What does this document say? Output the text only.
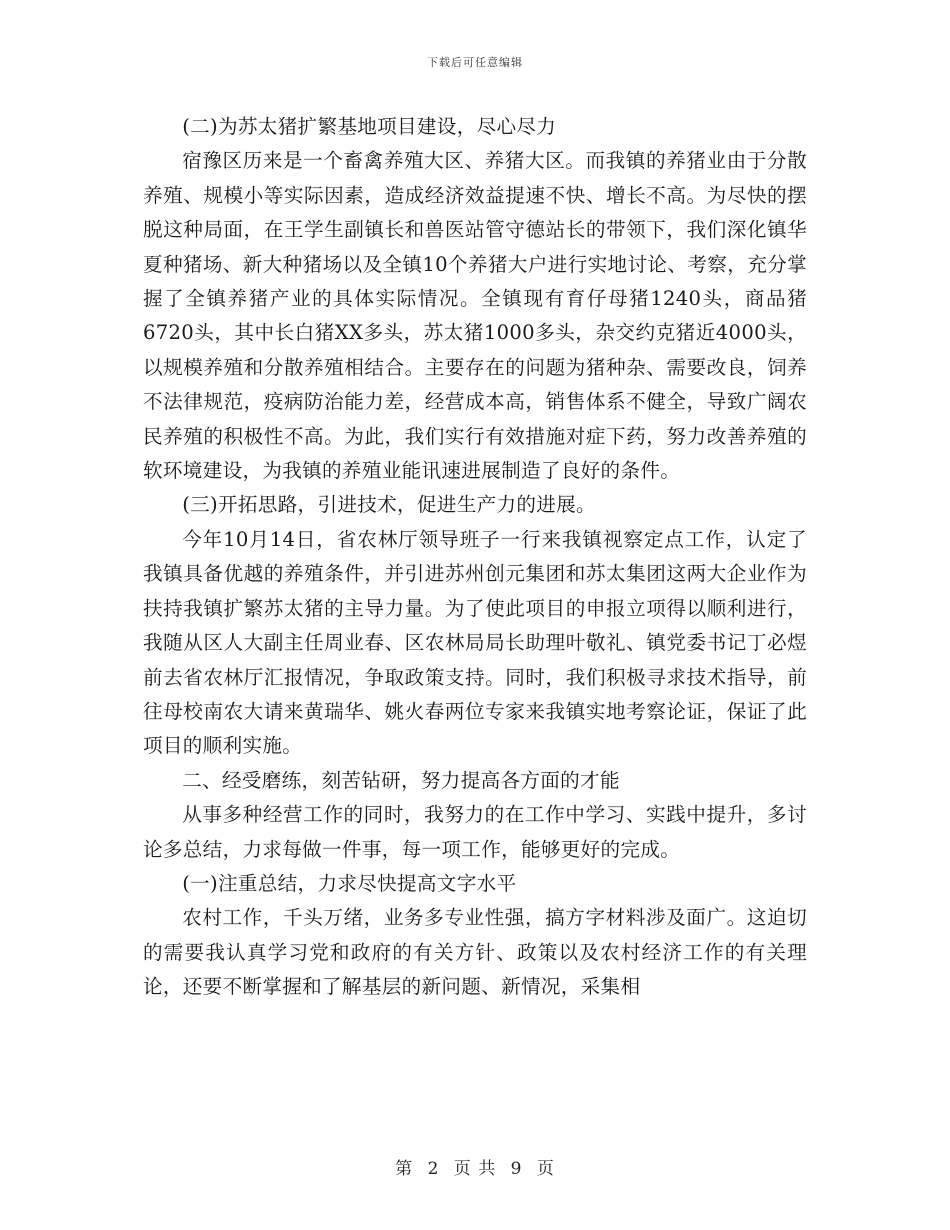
下载后可任意编辑

(二)为苏太猪扩繁基地项目建设，尽心尽力

宿豫区历来是一个畜禽养殖大区、养猪大区。而我镇的养猪业由于分散养殖、规模小等实际因素，造成经济效益提速不快、增长不高。为尽快的摆脱这种局面，在王学生副镇长和兽医站管守德站长的带领下，我们深化镇华夏种猪场、新大种猪场以及全镇10个养猪大户进行实地讨论、考察，充分掌握了全镇养猪产业的具体实际情况。全镇现有育仔母猪1240头，商品猪6720头，其中长白猪XX多头，苏太猪1000多头，杂交约克猪近4000头，以规模养殖和分散养殖相结合。主要存在的问题为猪种杂、需要改良，饲养不法律规范，疫病防治能力差，经营成本高，销售体系不健全，导致广阔农民养殖的积极性不高。为此，我们实行有效措施对症下药，努力改善养殖的软环境建设，为我镇的养殖业能讯速进展制造了良好的条件。

(三)开拓思路，引进技术，促进生产力的进展。

今年10月14日，省农林厅领导班子一行来我镇视察定点工作，认定了我镇具备优越的养殖条件，并引进苏州创元集团和苏太集团这两大企业作为扶持我镇扩繁苏太猪的主导力量。为了使此项目的申报立项得以顺利进行，我随从区人大副主任周业春、区农林局局长助理叶敬礼、镇党委书记丁必煜前去省农林厅汇报情况，争取政策支持。同时，我们积极寻求技术指导，前往母校南农大请来黄瑞华、姚火春两位专家来我镇实地考察论证，保证了此项目的顺利实施。

二、经受磨练，刻苦钻研，努力提高各方面的才能

从事多种经营工作的同时，我努力的在工作中学习、实践中提升，多讨论多总结，力求每做一件事，每一项工作，能够更好的完成。

(一)注重总结，力求尽快提高文字水平

农村工作，千头万绪，业务多专业性强，搞方字材料涉及面广。这迫切的需要我认真学习党和政府的有关方针、政策以及农村经济工作的有关理论，还要不断掌握和了解基层的新问题、新情况，采集相

第 2 页 共 9 页
